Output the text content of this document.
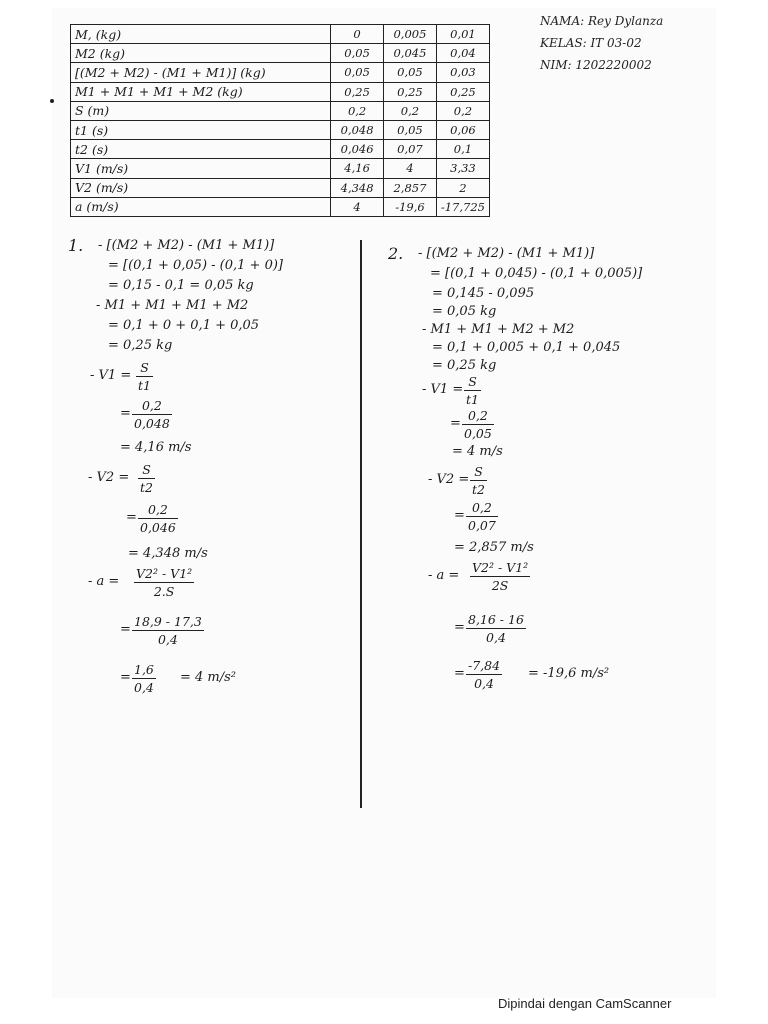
M, (kg)	0	0,005	0,01
M2 (kg)	0,05	0,045	0,04
[(M2 + M2) - (M1 + M1)] (kg)	0,05	0,05	0,03
M1 + M1 + M1 + M2 (kg)	0,25	0,25	0,25
S (m)	0,2	0,2	0,2
t1 (s)	0,048	0,05	0,06
t2 (s)	0,046	0,07	0,1
V1 (m/s)	4,16	4	3,33
V2 (m/s)	4,348	2,857	2
a (m/s)	4	-19,6	-17,725
NAMA: Rey Dylanza
KELAS: IT 03-02
NIM: 1202220002
1. - [(M2 + M2) - (M1 + M1)]
= [(0,1 + 0,05) - (0,1 + 0)]
= 0,15 - 0,1 = 0,05 kg
- M1 + M1 + M1 + M2
= 0,1 + 0 + 0,1 + 0,05
= 0,25 kg
- V1 =
S
t1
=
0,2
0,048
= 4,16 m/s
- V2 =
S
t2
=
0,2
0,046
= 4,348 m/s
- a =
V2² - V1²
2.S
=
18,9 - 17,3
0,4
=
1,6
0,4
= 4 m/s²
2. - [(M2 + M2) - (M1 + M1)]
= [(0,1 + 0,045) - (0,1 + 0,005)]
= 0,145 - 0,095
= 0,05 kg
- M1 + M1 + M2 + M2
= 0,1 + 0,005 + 0,1 + 0,045
= 0,25 kg
- V1 =
S
t1
=
0,2
0,05
= 4 m/s
- V2 =
S
t2
=
0,2
0,07
= 2,857 m/s
- a =
V2² - V1²
2S
=
8,16 - 16
0,4
=
-7,84
0,4
= -19,6 m/s²
Dipindai dengan CamScanner
